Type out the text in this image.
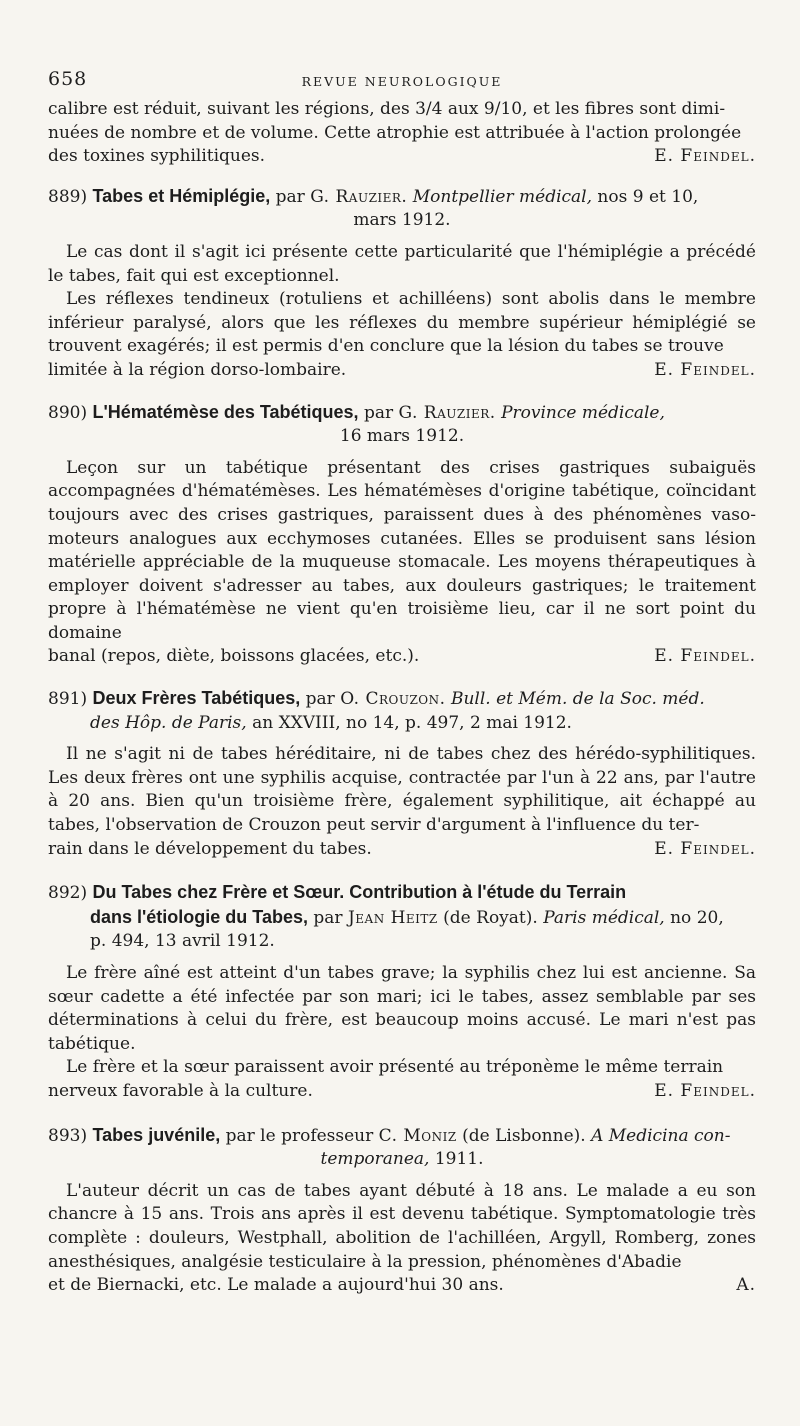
658	REVUE NEUROLOGIQUE

calibre est réduit, suivant les régions, des 3/4 aux 9/10, et les fibres sont dimi-

nuées de nombre et de volume. Cette atrophie est attribuée à l'action prolongée

des toxines syphilitiques.	E. Feindel.

889) Tabes et Hémiplégie, par G. Rauzier. Montpellier médical, nos 9 et 10,
mars 1912.

Le cas dont il s'agit ici présente cette particularité que l'hémiplégie a précédé le tabes, fait qui est exceptionnel.

Les réflexes tendineux (rotuliens et achilléens) sont abolis dans le membre inférieur paralysé, alors que les réflexes du membre supérieur hémiplégié se trouvent exagérés; il est permis d'en conclure que la lésion du tabes se trouve

limitée à la région dorso-lombaire.	E. Feindel.

890) L'Hématémèse des Tabétiques, par G. Rauzier. Province médicale,
16 mars 1912.

Leçon sur un tabétique présentant des crises gastriques subaiguës accompagnées d'hématémèses. Les hématémèses d'origine tabétique, coïncidant toujours avec des crises gastriques, paraissent dues à des phénomènes vaso-moteurs analogues aux ecchymoses cutanées. Elles se produisent sans lésion matérielle appréciable de la muqueuse stomacale. Les moyens thérapeutiques à employer doivent s'adresser au tabes, aux douleurs gastriques; le traitement propre à l'hématémèse ne vient qu'en troisième lieu, car il ne sort point du domaine

banal (repos, diète, boissons glacées, etc.).	E. Feindel.

891) Deux Frères Tabétiques, par O. Crouzon. Bull. et Mém. de la Soc. méd.
des Hôp. de Paris, an XXVIII, no 14, p. 497, 2 mai 1912.

Il ne s'agit ni de tabes héréditaire, ni de tabes chez des hérédo-syphilitiques. Les deux frères ont une syphilis acquise, contractée par l'un à 22 ans, par l'autre à 20 ans. Bien qu'un troisième frère, également syphilitique, ait échappé au tabes, l'observation de Crouzon peut servir d'argument à l'influence du ter-

rain dans le développement du tabes.	E. Feindel.

892) Du Tabes chez Frère et Sœur. Contribution à l'étude du Terrain
dans l'étiologie du Tabes, par Jean Heitz (de Royat). Paris médical, no 20,
p. 494, 13 avril 1912.

Le frère aîné est atteint d'un tabes grave; la syphilis chez lui est ancienne. Sa sœur cadette a été infectée par son mari; ici le tabes, assez semblable par ses déterminations à celui du frère, est beaucoup moins accusé. Le mari n'est pas tabétique.

Le frère et la sœur paraissent avoir présenté au tréponème le même terrain

nerveux favorable à la culture.	E. Feindel.

893) Tabes juvénile, par le professeur C. Moniz (de Lisbonne). A Medicina con-
temporanea, 1911.

L'auteur décrit un cas de tabes ayant débuté à 18 ans. Le malade a eu son chancre à 15 ans. Trois ans après il est devenu tabétique. Symptomatologie très complète : douleurs, Westphall, abolition de l'achilléen, Argyll, Romberg, zones anesthésiques, analgésie testiculaire à la pression, phénomènes d'Abadie

et de Biernacki, etc. Le malade a aujourd'hui 30 ans.	A.
